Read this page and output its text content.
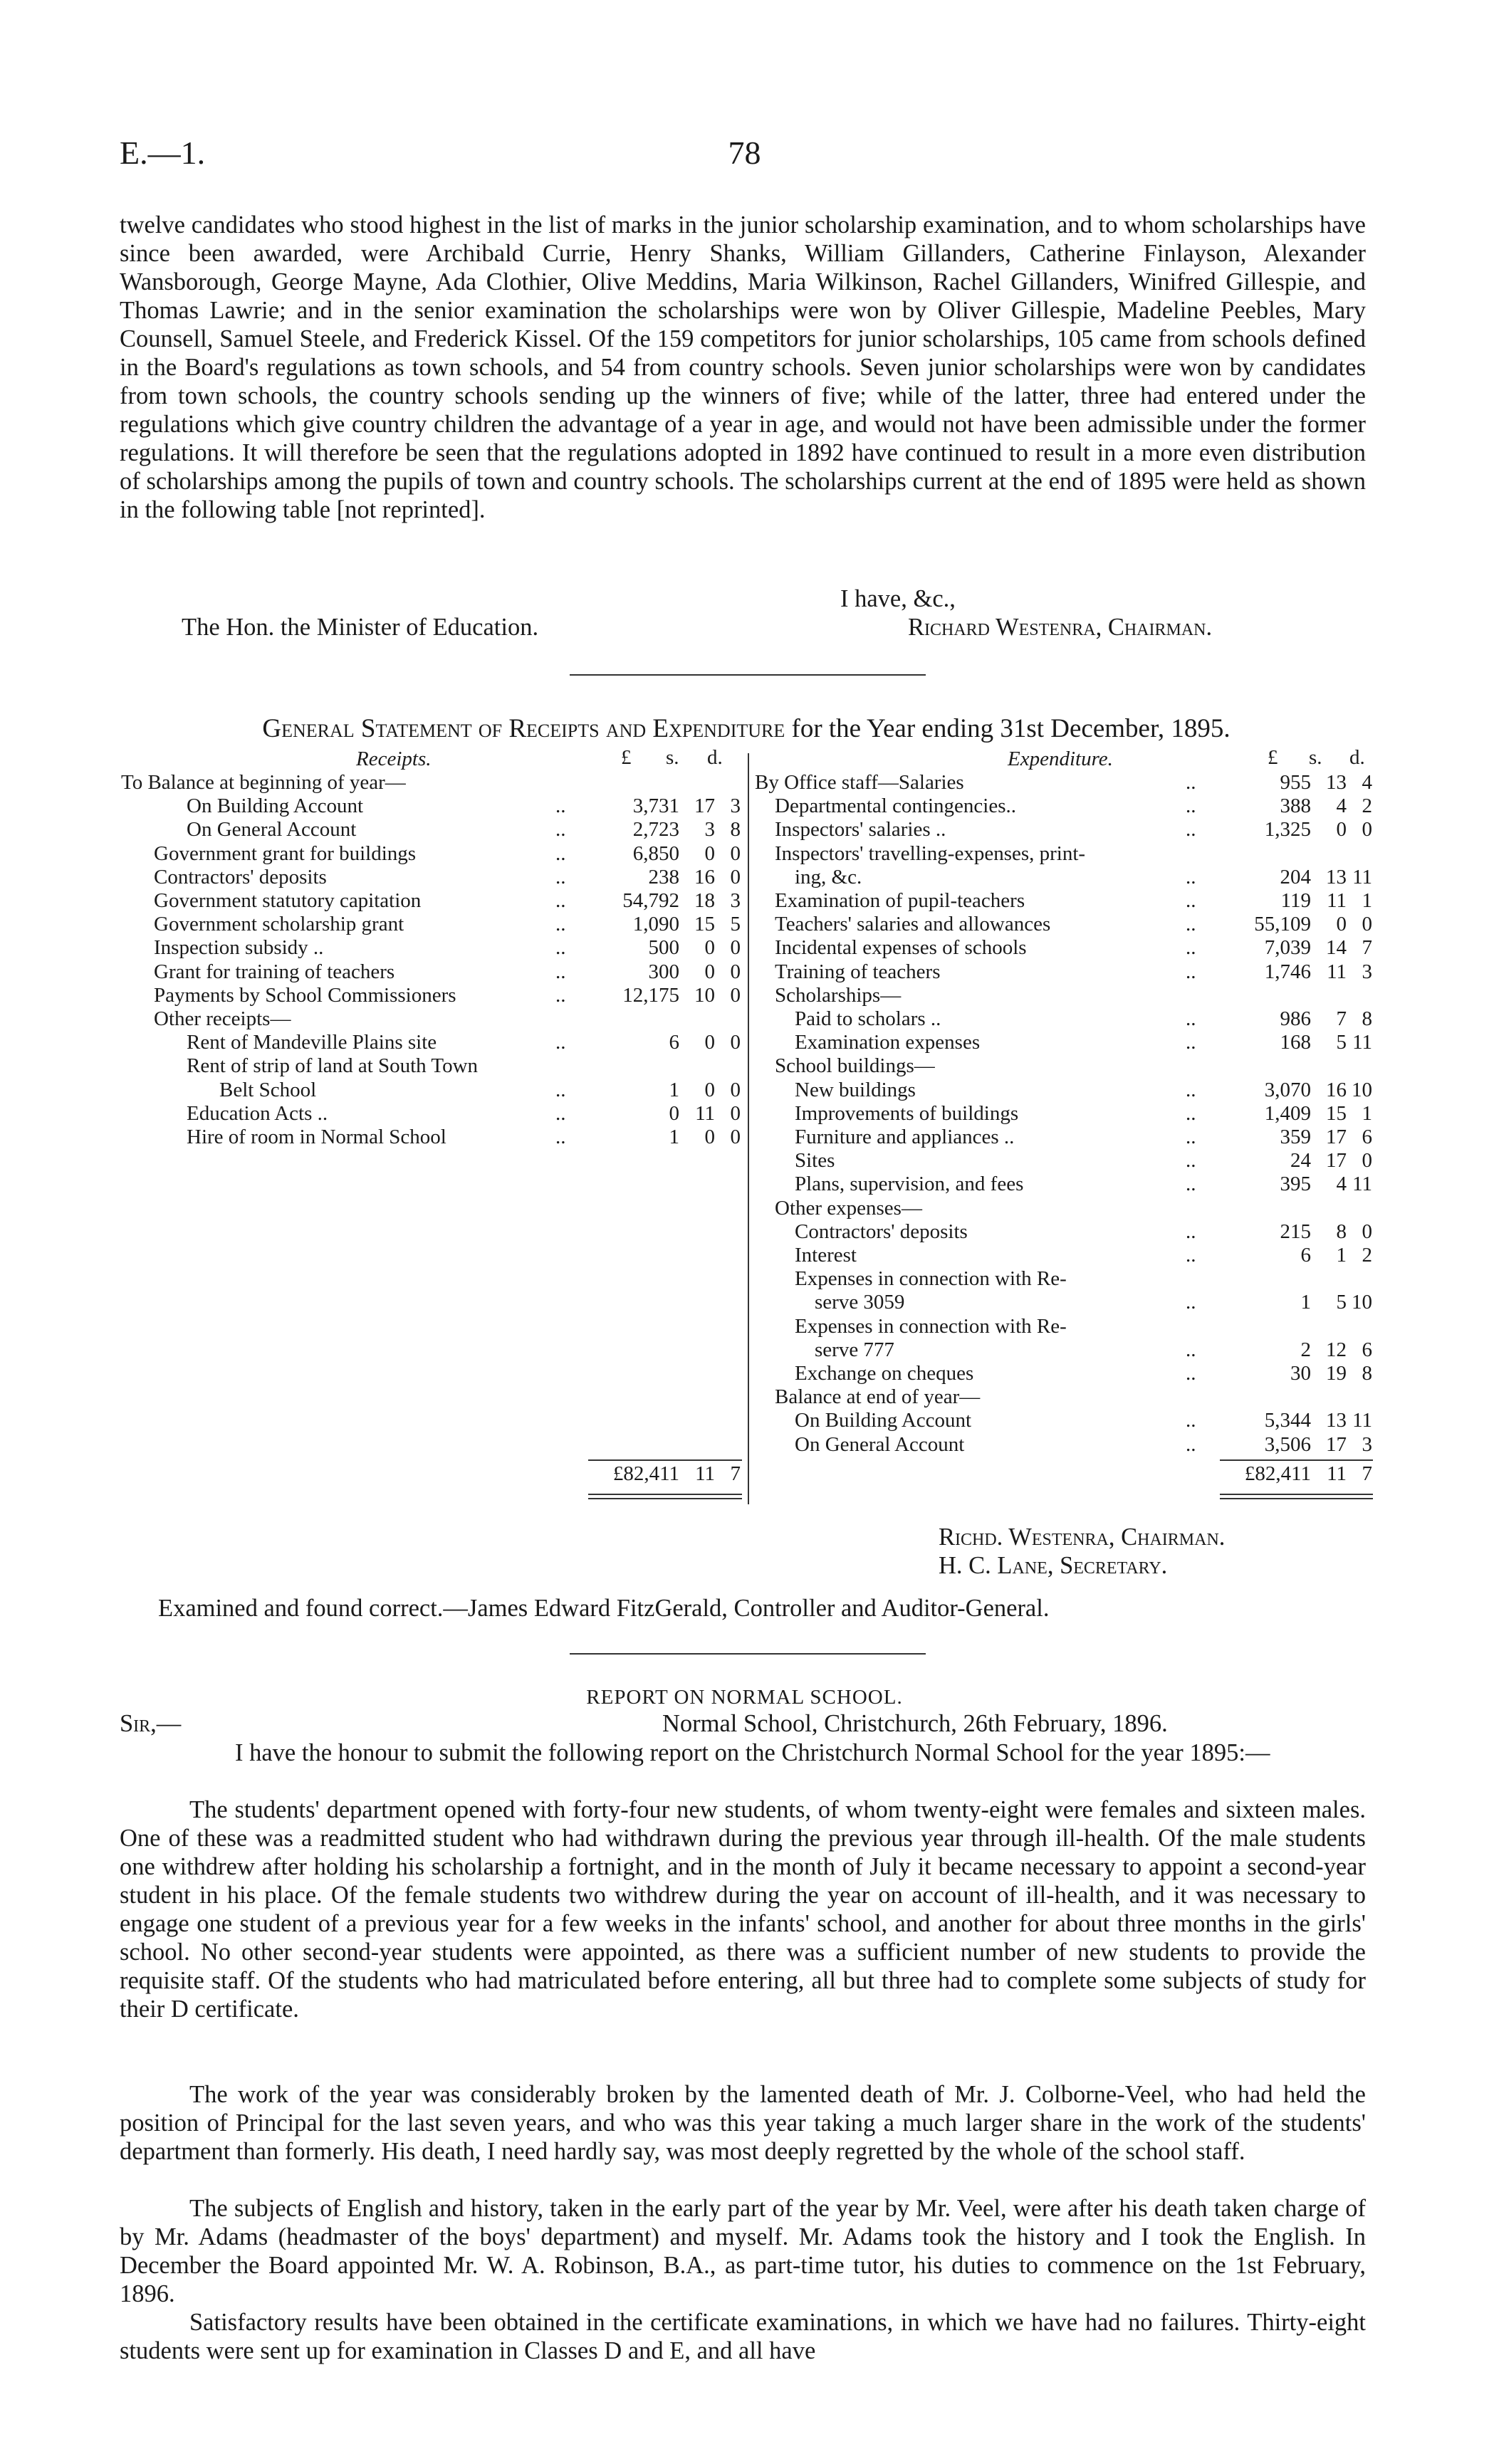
E.—1.	78
twelve candidates who stood highest in the list of marks in the junior scholarship examination, and to whom scholarships have since been awarded, were Archibald Currie, Henry Shanks, William Gillanders, Catherine Finlayson, Alexander Wansborough, George Mayne, Ada Clothier, Olive Meddins, Maria Wilkinson, Rachel Gillanders, Winifred Gillespie, and Thomas Lawrie; and in the senior examination the scholarships were won by Oliver Gillespie, Madeline Peebles, Mary Counsell, Samuel Steele, and Frederick Kissel. Of the 159 competitors for junior scholarships, 105 came from schools defined in the Board's regulations as town schools, and 54 from country schools. Seven junior scholarships were won by candidates from town schools, the country schools sending up the winners of five; while of the latter, three had entered under the regulations which give country children the advantage of a year in age, and would not have been admissible under the former regulations. It will therefore be seen that the regulations adopted in 1892 have continued to result in a more even distribution of scholarships among the pupils of town and country schools. The scholarships current at the end of 1895 were held as shown in the following table [not reprinted].
I have, &c.,
The Hon. the Minister of Education.	Richard Westenra, Chairman.
General Statement of Receipts and Expenditure for the Year ending 31st December, 1895.
Receipts.	£ s. d.	Expenditure.	£ s. d.
To Balance at beginning of year—
On Building Account	..	3,731 17 3
On General Account	..	2,723	3 8
Government grant for buildings	..	6,850	0 0
Contractors' deposits	..	238 16 0
Government statutory capitation	..	54,792 18 3
Government scholarship grant	..	1,090 15 5
Inspection subsidy ..	..	500	0 0
Grant for training of teachers	..	300	0 0
Payments by School Commissioners	..	12,175 10 0
Other receipts—
Rent of Mandeville Plains site	..	6	0 0
Rent of strip of land at South Town
Belt School	..	1	0 0
Education Acts ..	..	0 11 0
Hire of room in Normal School	..	1	0 0
By Office staff—Salaries	..	955 13 4
Departmental contingencies..	..	388	4 2
Inspectors' salaries ..	..	1,325	0 0
Inspectors' travelling-expenses, print-
ing, &c.	..	204 13 11
Examination of pupil-teachers	..	119 11 1
Teachers' salaries and allowances	..	55,109	0 0
Incidental expenses of schools	..	7,039 14 7
Training of teachers	..	1,746 11 3
Scholarships—
Paid to scholars ..	..	986	7 8
Examination expenses	..	168	5 11
School buildings—
New buildings	..	3,070 16 10
Improvements of buildings	..	1,409 15 1
Furniture and appliances ..	..	359 17 6
Sites	..	24 17 0
Plans, supervision, and fees	..	395	4 11
Other expenses—
Contractors' deposits	..	215	8 0
Interest	..	6	1 2
Expenses in connection with Re-
serve 3059	..	1	5 10
Expenses in connection with Re-
serve 777	..	2 12 6
Exchange on cheques	..	30 19 8
Balance at end of year—
On Building Account	..	5,344 13 11
On General Account	..	3,506 17 3
£82,411 11 7	£82,411 11 7
Richd. Westenra, Chairman.
H. C. Lane, Secretary.
Examined and found correct.—James Edward FitzGerald, Controller and Auditor-General.
REPORT ON NORMAL SCHOOL.
Sir,—	Normal School, Christchurch, 26th February, 1896.
I have the honour to submit the following report on the Christchurch Normal School for the year 1895:—
The students' department opened with forty-four new students, of whom twenty-eight were females and sixteen males. One of these was a readmitted student who had withdrawn during the previous year through ill-health. Of the male students one withdrew after holding his scholarship a fortnight, and in the month of July it became necessary to appoint a second-year student in his place. Of the female students two withdrew during the year on account of ill-health, and it was necessary to engage one student of a previous year for a few weeks in the infants' school, and another for about three months in the girls' school. No other second-year students were appointed, as there was a sufficient number of new students to provide the requisite staff. Of the students who had matriculated before entering, all but three had to complete some subjects of study for their D certificate.
The work of the year was considerably broken by the lamented death of Mr. J. Colborne-Veel, who had held the position of Principal for the last seven years, and who was this year taking a much larger share in the work of the students' department than formerly. His death, I need hardly say, was most deeply regretted by the whole of the school staff.
The subjects of English and history, taken in the early part of the year by Mr. Veel, were after his death taken charge of by Mr. Adams (headmaster of the boys' department) and myself. Mr. Adams took the history and I took the English. In December the Board appointed Mr. W. A. Robinson, B.A., as part-time tutor, his duties to commence on the 1st February, 1896.
Satisfactory results have been obtained in the certificate examinations, in which we have had no failures. Thirty-eight students were sent up for examination in Classes D and E, and all have
